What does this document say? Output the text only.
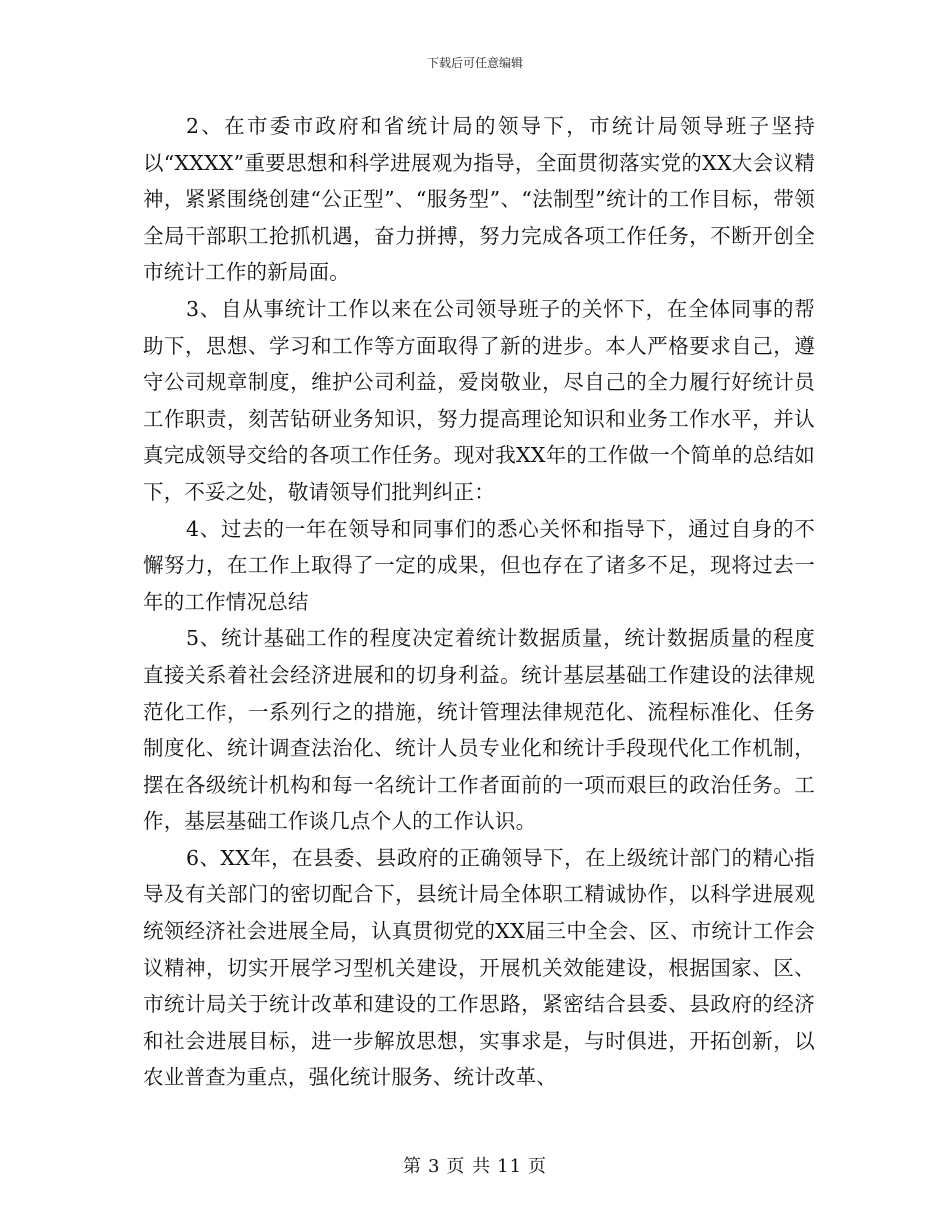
下载后可任意编辑

2、在市委市政府和省统计局的领导下，市统计局领导班子坚持以“XXXX”重要思想和科学进展观为指导，全面贯彻落实党的XX大会议精神，紧紧围绕创建“公正型”、“服务型”、“法制型”统计的工作目标，带领全局干部职工抢抓机遇，奋力拼搏，努力完成各项工作任务，不断开创全市统计工作的新局面。

3、自从事统计工作以来在公司领导班子的关怀下，在全体同事的帮助下，思想、学习和工作等方面取得了新的进步。本人严格要求自己，遵守公司规章制度，维护公司利益，爱岗敬业，尽自己的全力履行好统计员工作职责，刻苦钻研业务知识，努力提高理论知识和业务工作水平，并认真完成领导交给的各项工作任务。现对我XX年的工作做一个简单的总结如下，不妥之处，敬请领导们批判纠正：

4、过去的一年在领导和同事们的悉心关怀和指导下，通过自身的不懈努力，在工作上取得了一定的成果，但也存在了诸多不足，现将过去一年的工作情况总结

5、统计基础工作的程度决定着统计数据质量，统计数据质量的程度直接关系着社会经济进展和的切身利益。统计基层基础工作建设的法律规范化工作，一系列行之的措施，统计管理法律规范化、流程标准化、任务制度化、统计调查法治化、统计人员专业化和统计手段现代化工作机制，摆在各级统计机构和每一名统计工作者面前的一项而艰巨的政治任务。工作，基层基础工作谈几点个人的工作认识。

6、XX年，在县委、县政府的正确领导下，在上级统计部门的精心指导及有关部门的密切配合下，县统计局全体职工精诚协作，以科学进展观统领经济社会进展全局，认真贯彻党的XX届三中全会、区、市统计工作会议精神，切实开展学习型机关建设，开展机关效能建设，根据国家、区、市统计局关于统计改革和建设的工作思路，紧密结合县委、县政府的经济和社会进展目标，进一步解放思想，实事求是，与时俱进，开拓创新，以农业普查为重点，强化统计服务、统计改革、

第 3 页 共 11 页
